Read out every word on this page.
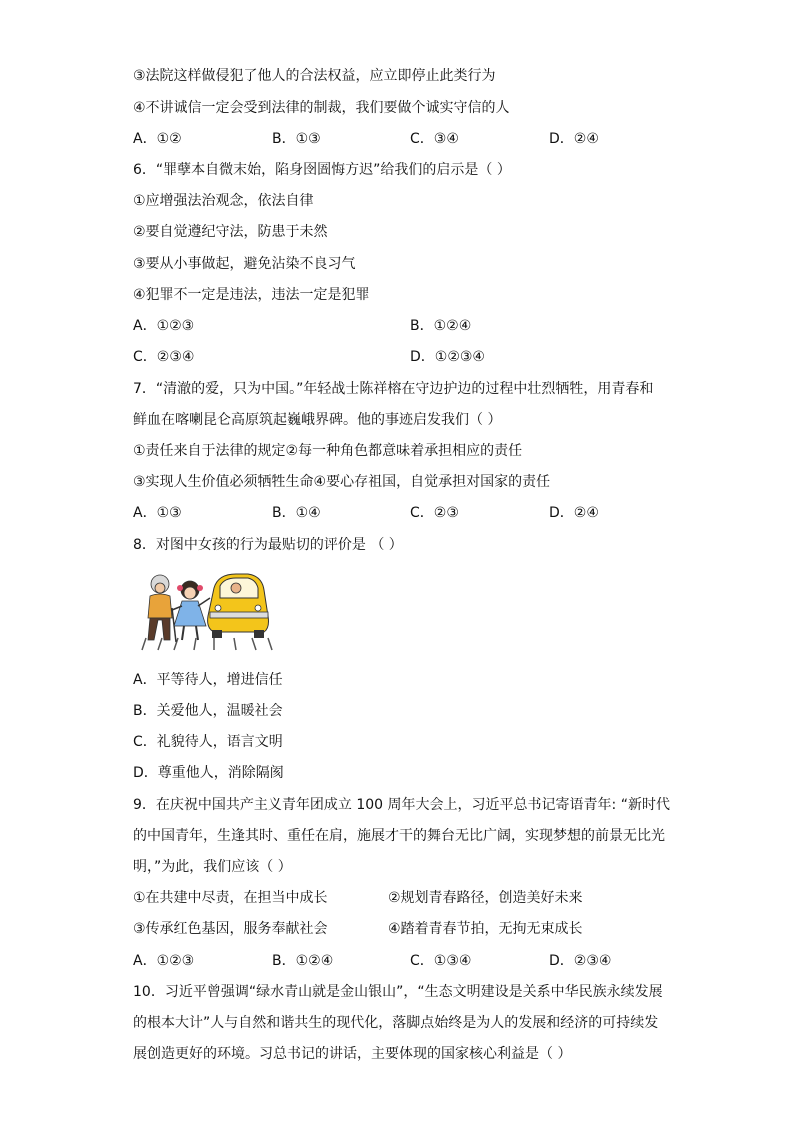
③法院这样做侵犯了他人的合法权益，应立即停止此类行为
④不讲诚信一定会受到法律的制裁，我们要做个诚实守信的人
A．①②	B．①③	C．③④	D．②④
6．“罪孽本自微末始，陷身囹圄悔方迟”给我们的启示是（ ）
①应增强法治观念，依法自律
②要自觉遵纪守法，防患于未然
③要从小事做起，避免沾染不良习气
④犯罪不一定是违法，违法一定是犯罪
A．①②③	B．①②④
C．②③④	D．①②③④
7．“清澈的爱，只为中国。”年轻战士陈祥榕在守边护边的过程中壮烈牺牲，用青春和
鲜血在喀喇昆仑高原筑起巍峨界碑。他的事迹启发我们（ ）
①责任来自于法律的规定②每一种角色都意味着承担相应的责任
③实现人生价值必须牺牲生命④要心存祖国，自觉承担对国家的责任
A．①③	B．①④	C．②③	D．②④
8．对图中女孩的行为最贴切的评价是 （ ）
A．平等待人，增进信任
B．关爱他人，温暖社会
C．礼貌待人，语言文明
D．尊重他人，消除隔阂
9．在庆祝中国共产主义青年团成立 100 周年大会上，习近平总书记寄语青年: “新时代
的中国青年，生逢其时、重任在肩，施展才干的舞台无比广阔，实现梦想的前景无比光
明，”为此，我们应该（ ）
①在共建中尽责，在担当中成长	②规划青春路径，创造美好未来
③传承红色基因，服务奉献社会	④踏着青春节拍，无拘无束成长
A．①②③	B．①②④	C．①③④	D．②③④
10．习近平曾强调“绿水青山就是金山银山”，“生态文明建设是关系中华民族永续发展
的根本大计”人与自然和谐共生的现代化，落脚点始终是为人的发展和经济的可持续发
展创造更好的环境。习总书记的讲话，主要体现的国家核心利益是（ ）
